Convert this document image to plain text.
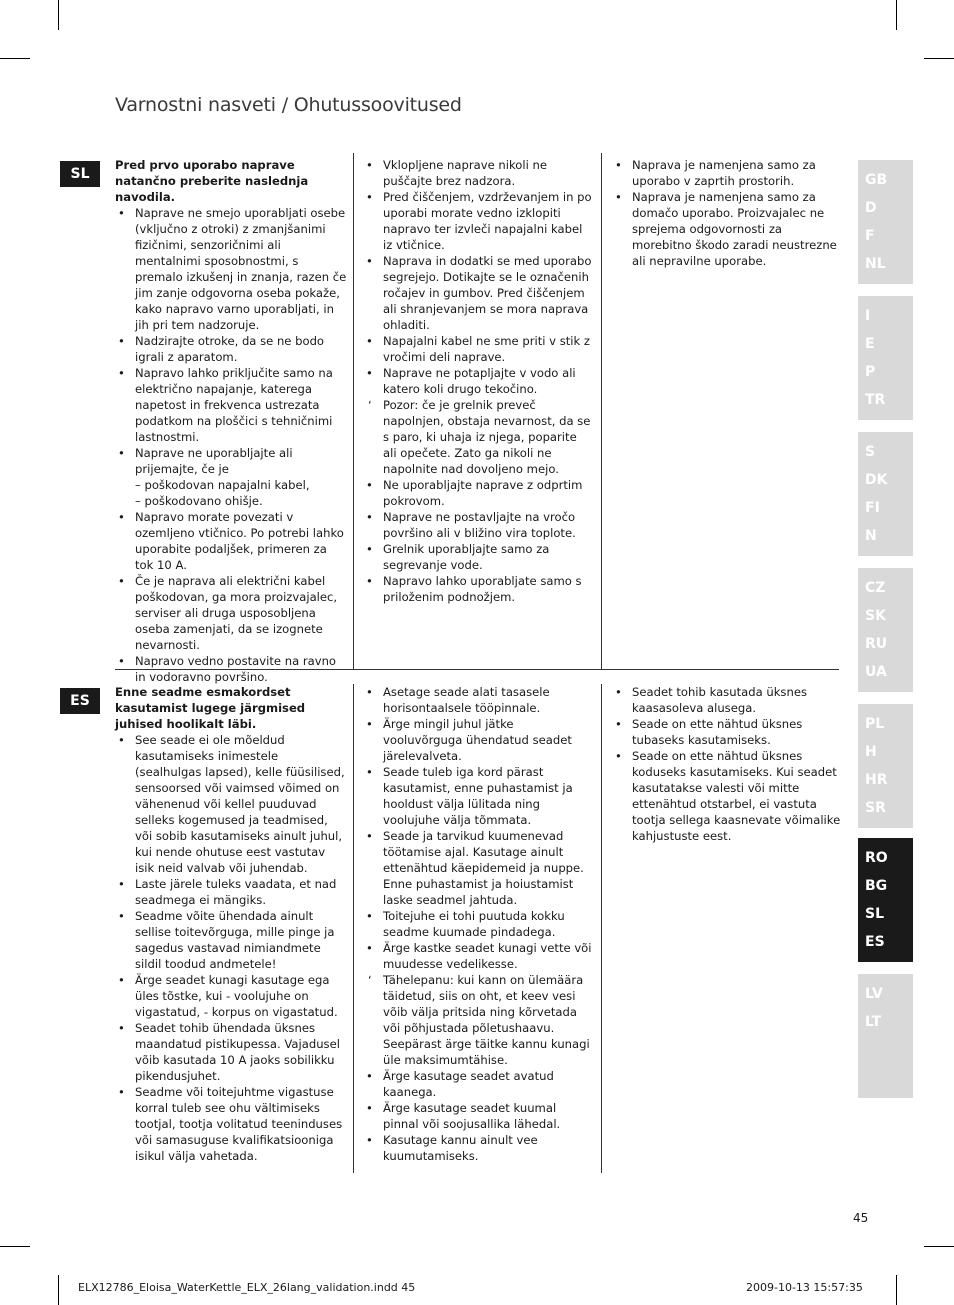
Varnostni nasveti / Ohutussoovitused
SL
Pred prvo uporabo naprave natančno preberite naslednja navodila.
• Naprave ne smejo uporabljati osebe (vključno z otroki) z zmanjšanimi fizičnimi, senzoričnimi ali mentalnimi sposobnostmi, s premalo izkušenj in znanja, razen če jim zanje odgovorna oseba pokaže, kako napravo varno uporabljati, in jih pri tem nadzoruje.
• Nadzirajte otroke, da se ne bodo igrali z aparatom.
• Napravo lahko priključite samo na električno napajanje, katerega napetost in frekvenca ustrezata podatkom na ploščici s tehničnimi lastnostmi.
• Naprave ne uporabljajte ali prijemajte, če je
– poškodovan napajalni kabel,
– poškodovano ohišje.
• Napravo morate povezati v ozemljeno vtičnico. Po potrebi lahko uporabite podaljšek, primeren za tok 10 A.
• Če je naprava ali električni kabel poškodovan, ga mora proizvajalec, serviser ali druga usposobljena oseba zamenjati, da se izognete nevarnosti.
• Napravo vedno postavite na ravno in vodoravno površino.
• Vklopljene naprave nikoli ne puščajte brez nadzora.
• Pred čiščenjem, vzdrževanjem in po uporabi morate vedno izklopiti napravo ter izvleči napajalni kabel iz vtičnice.
• Naprava in dodatki se med uporabo segrejejo. Dotikajte se le označenih ročajev in gumbov. Pred čiščenjem ali shranjevanjem se mora naprava ohladiti.
• Napajalni kabel ne sme priti v stik z vročimi deli naprave.
• Naprave ne potapljajte v vodo ali katero koli drugo tekočino.
ʻ Pozor: če je grelnik preveč napolnjen, obstaja nevarnost, da se s paro, ki uhaja iz njega, poparite ali opečete. Zato ga nikoli ne napolnite nad dovoljeno mejo.
• Ne uporabljajte naprave z odprtim pokrovom.
• Naprave ne postavljajte na vročo površino ali v bližino vira toplote.
• Grelnik uporabljajte samo za segrevanje vode.
• Napravo lahko uporabljate samo s priloženim podnožjem.
• Naprava je namenjena samo za uporabo v zaprtih prostorih.
• Naprava je namenjena samo za domačo uporabo. Proizvajalec ne sprejema odgovornosti za morebitno škodo zaradi neustrezne ali nepravilne uporabe.
ES
Enne seadme esmakordset kasutamist lugege järgmised juhised hoolikalt läbi.
• See seade ei ole mõeldud kasutamiseks inimestele (sealhulgas lapsed), kelle füüsilised, sensoorsed või vaimsed võimed on vähenenud või kellel puuduvad selleks kogemused ja teadmised, või sobib kasutamiseks ainult juhul, kui nende ohutuse eest vastutav isik neid valvab või juhendab.
• Laste järele tuleks vaadata, et nad seadmega ei mängiks.
• Seadme võite ühendada ainult sellise toitevõrguga, mille pinge ja sagedus vastavad nimiandmete sildil toodud andmetele!
• Ärge seadet kunagi kasutage ega üles tõstke, kui - voolujuhe on vigastatud, - korpus on vigastatud.
• Seadet tohib ühendada üksnes maandatud pistikupessa. Vajadusel võib kasutada 10 A jaoks sobilikku pikendusjuhet.
• Seadme või toitejuhtme vigastuse korral tuleb see ohu vältimiseks tootjal, tootja volitatud teeninduses või samasuguse kvalifikatsiooniga isikul välja vahetada.
• Asetage seade alati tasasele horisontaalsele tööpinnale.
• Ärge mingil juhul jätke vooluvõrguga ühendatud seadet järelevalveta.
• Seade tuleb iga kord pärast kasutamist, enne puhastamist ja hooldust välja lülitada ning voolujuhe välja tõmmata.
• Seade ja tarvikud kuumenevad töötamise ajal. Kasutage ainult ettenähtud käepidemeid ja nuppe. Enne puhastamist ja hoiustamist laske seadmel jahtuda.
• Toitejuhe ei tohi puutuda kokku seadme kuumade pindadega.
• Ärge kastke seadet kunagi vette või muudesse vedelikesse.
ʻ Tähelepanu: kui kann on ülemäära täidetud, siis on oht, et keev vesi võib välja pritsida ning kõrvetada või põhjustada põletushaavu. Seepärast ärge täitke kannu kunagi üle maksimumtähise.
• Ärge kasutage seadet avatud kaanega.
• Ärge kasutage seadet kuumal pinnal või soojusallika lähedal.
• Kasutage kannu ainult vee kuumutamiseks.
• Seadet tohib kasutada üksnes kaasasoleva alusega.
• Seade on ette nähtud üksnes tubaseks kasutamiseks.
• Seade on ette nähtud üksnes koduseks kasutamiseks. Kui seadet kasutatakse valesti või mitte ettenähtud otstarbel, ei vastuta tootja sellega kaasnevate võimalike kahjustuste eest.
GB
D
F
NL
I
E
P
TR
S
DK
FI
N
CZ
SK
RU
UA
PL
H
HR
SR
RO
BG
SL
ES
LV
LT
45
ELX12786_Eloisa_WaterKettle_ELX_26lang_validation.indd 45	2009-10-13 15:57:35
